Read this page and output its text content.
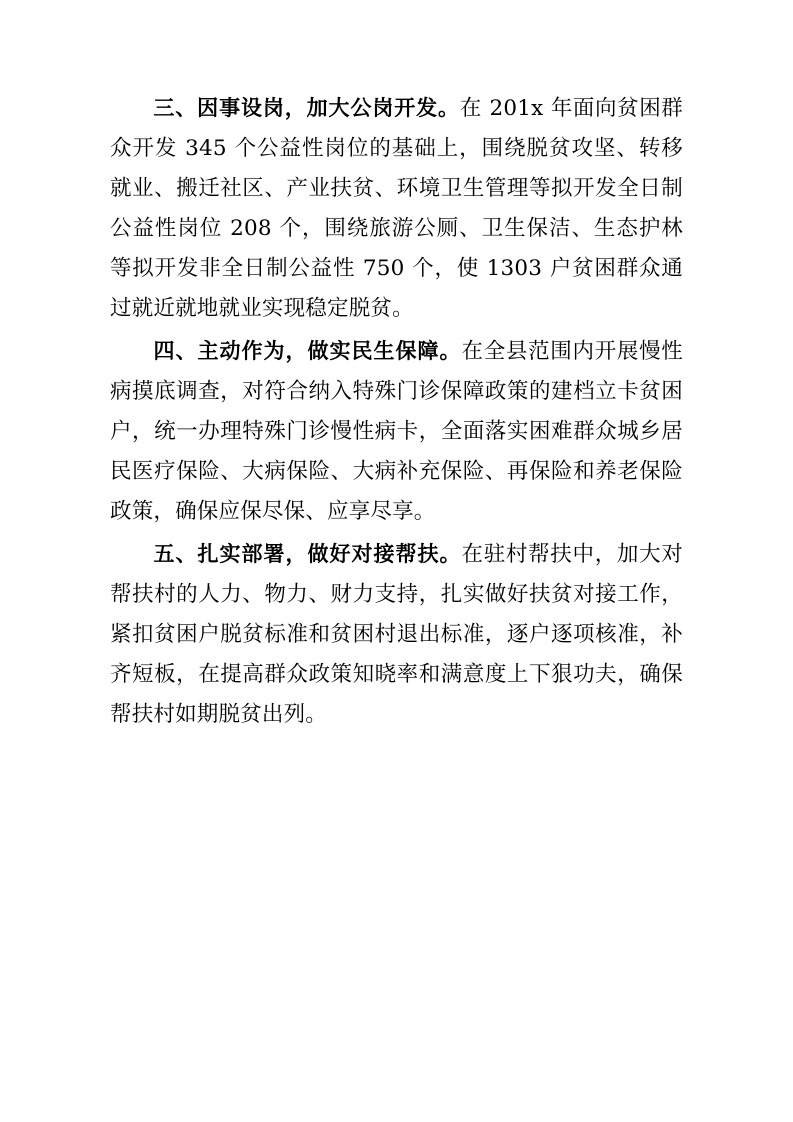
三、因事设岗，加大公岗开发。在 201x 年面向贫困群众开发 345 个公益性岗位的基础上，围绕脱贫攻坚、转移就业、搬迁社区、产业扶贫、环境卫生管理等拟开发全日制公益性岗位 208 个，围绕旅游公厕、卫生保洁、生态护林等拟开发非全日制公益性 750 个，使 1303 户贫困群众通过就近就地就业实现稳定脱贫。

四、主动作为，做实民生保障。在全县范围内开展慢性病摸底调查，对符合纳入特殊门诊保障政策的建档立卡贫困户，统一办理特殊门诊慢性病卡，全面落实困难群众城乡居民医疗保险、大病保险、大病补充保险、再保险和养老保险政策，确保应保尽保、应享尽享。

五、扎实部署，做好对接帮扶。在驻村帮扶中，加大对帮扶村的人力、物力、财力支持，扎实做好扶贫对接工作，紧扣贫困户脱贫标准和贫困村退出标准，逐户逐项核准，补齐短板，在提高群众政策知晓率和满意度上下狠功夫，确保帮扶村如期脱贫出列。
